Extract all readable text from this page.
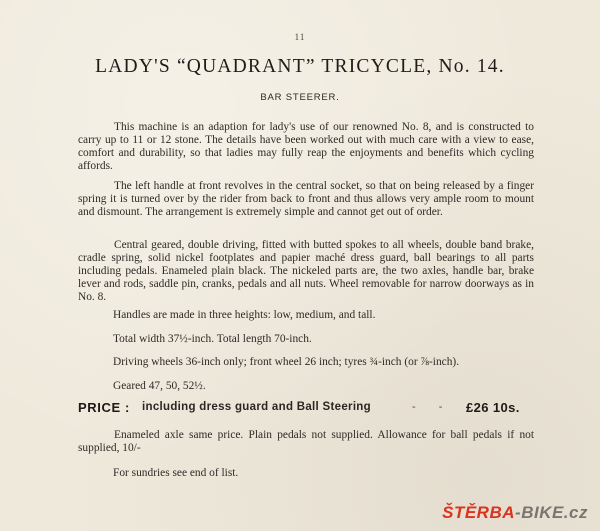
11
LADY'S “QUADRANT” TRICYCLE, No. 14.
BAR STEERER.

This machine is an adaption for lady's use of our renowned No. 8, and is constructed to carry up to 11 or 12 stone. The details have been worked out with much care with a view to ease, comfort and durability, so that ladies may fully reap the enjoyments and benefits which cycling affords.

The left handle at front revolves in the central socket, so that on being released by a finger spring it is turned over by the rider from back to front and thus allows very ample room to mount and dismount. The arrangement is extremely simple and cannot get out of order.

Central geared, double driving, fitted with butted spokes to all wheels, double band brake, cradle spring, solid nickel footplates and papier maché dress guard, ball bearings to all parts including pedals. Enameled plain black. The nickeled parts are, the two axles, handle bar, brake lever and rods, saddle pin, cranks, pedals and all nuts. Wheel removable for narrow doorways as in No. 8.

Handles are made in three heights: low, medium, and tall.
Total width 37½-inch. Total length 70-inch.
Driving wheels 36-inch only; front wheel 26 inch; tyres ¾-inch (or ⅞-inch).
Geared 47, 50, 52½.
PRICE : including dress guard and Ball Steering	- - -
£26 10s.

Enameled axle same price. Plain pedals not supplied. Allowance for ball pedals if not supplied, 10/-

For sundries see end of list.
ŠTĚRBA-BIKE.cz
